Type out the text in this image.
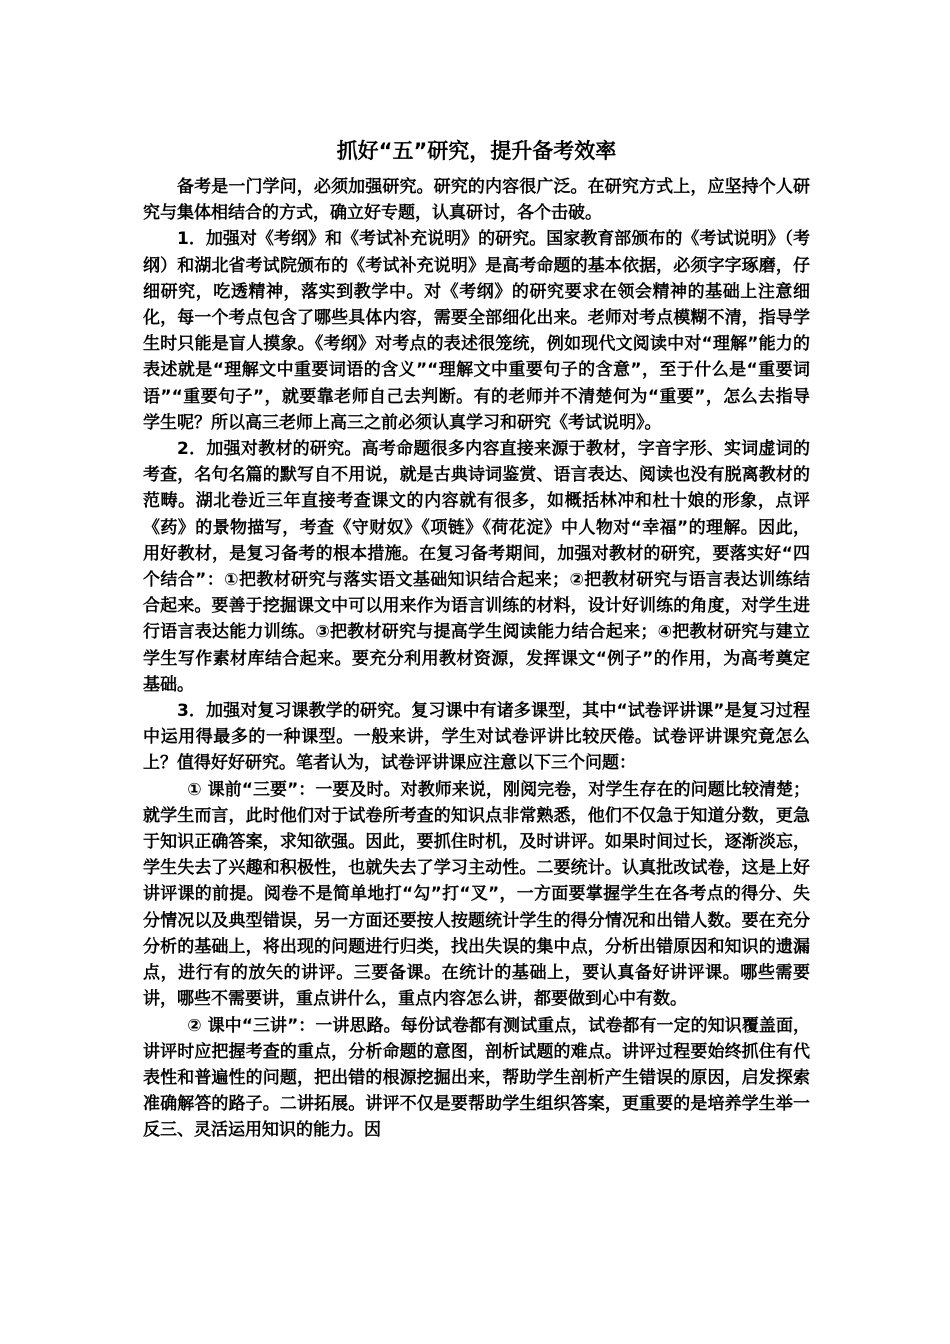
抓好“五”研究，提升备考效率

备考是一门学问，必须加强研究。研究的内容很广泛。在研究方式上，应坚持个人研究与集体相结合的方式，确立好专题，认真研讨，各个击破。

1．加强对《考纲》和《考试补充说明》的研究。国家教育部颁布的《考试说明》（考纲）和湖北省考试院颁布的《考试补充说明》是高考命题的基本依据，必须字字琢磨，仔细研究，吃透精神，落实到教学中。对《考纲》的研究要求在领会精神的基础上注意细化，每一个考点包含了哪些具体内容，需要全部细化出来。老师对考点模糊不清，指导学生时只能是盲人摸象。《考纲》对考点的表述很笼统，例如现代文阅读中对“理解”能力的表述就是“理解文中重要词语的含义”“理解文中重要句子的含意”，至于什么是“重要词语”“重要句子”，就要靠老师自己去判断。有的老师并不清楚何为“重要”，怎么去指导学生呢？所以高三老师上高三之前必须认真学习和研究《考试说明》。

2．加强对教材的研究。高考命题很多内容直接来源于教材，字音字形、实词虚词的考查，名句名篇的默写自不用说，就是古典诗词鉴赏、语言表达、阅读也没有脱离教材的范畴。湖北卷近三年直接考查课文的内容就有很多，如概括林冲和杜十娘的形象，点评《药》的景物描写，考查《守财奴》《项链》《荷花淀》中人物对“幸福”的理解。因此，用好教材，是复习备考的根本措施。在复习备考期间，加强对教材的研究，要落实好“四个结合”：①把教材研究与落实语文基础知识结合起来；②把教材研究与语言表达训练结合起来。要善于挖掘课文中可以用来作为语言训练的材料，设计好训练的角度，对学生进行语言表达能力训练。③把教材研究与提高学生阅读能力结合起来；④把教材研究与建立学生写作素材库结合起来。要充分利用教材资源，发挥课文“例子”的作用，为高考奠定基础。

3．加强对复习课教学的研究。复习课中有诸多课型，其中“试卷评讲课”是复习过程中运用得最多的一种课型。一般来讲，学生对试卷评讲比较厌倦。试卷评讲课究竟怎么上？值得好好研究。笔者认为，试卷评讲课应注意以下三个问题：

① 课前“三要”：一要及时。对教师来说，刚阅完卷，对学生存在的问题比较清楚；就学生而言，此时他们对于试卷所考查的知识点非常熟悉，他们不仅急于知道分数，更急于知识正确答案，求知欲强。因此，要抓住时机，及时讲评。如果时间过长，逐渐淡忘，学生失去了兴趣和积极性，也就失去了学习主动性。二要统计。认真批改试卷，这是上好讲评课的前提。阅卷不是简单地打“勾”打“叉”，一方面要掌握学生在各考点的得分、失分情况以及典型错误，另一方面还要按人按题统计学生的得分情况和出错人数。要在充分分析的基础上，将出现的问题进行归类，找出失误的集中点，分析出错原因和知识的遗漏点，进行有的放矢的讲评。三要备课。在统计的基础上，要认真备好讲评课。哪些需要讲，哪些不需要讲，重点讲什么，重点内容怎么讲，都要做到心中有数。

② 课中“三讲”：一讲思路。每份试卷都有测试重点，试卷都有一定的知识覆盖面，讲评时应把握考查的重点，分析命题的意图，剖析试题的难点。讲评过程要始终抓住有代表性和普遍性的问题，把出错的根源挖掘出来，帮助学生剖析产生错误的原因，启发探索准确解答的路子。二讲拓展。讲评不仅是要帮助学生组织答案，更重要的是培养学生举一反三、灵活运用知识的能力。因
